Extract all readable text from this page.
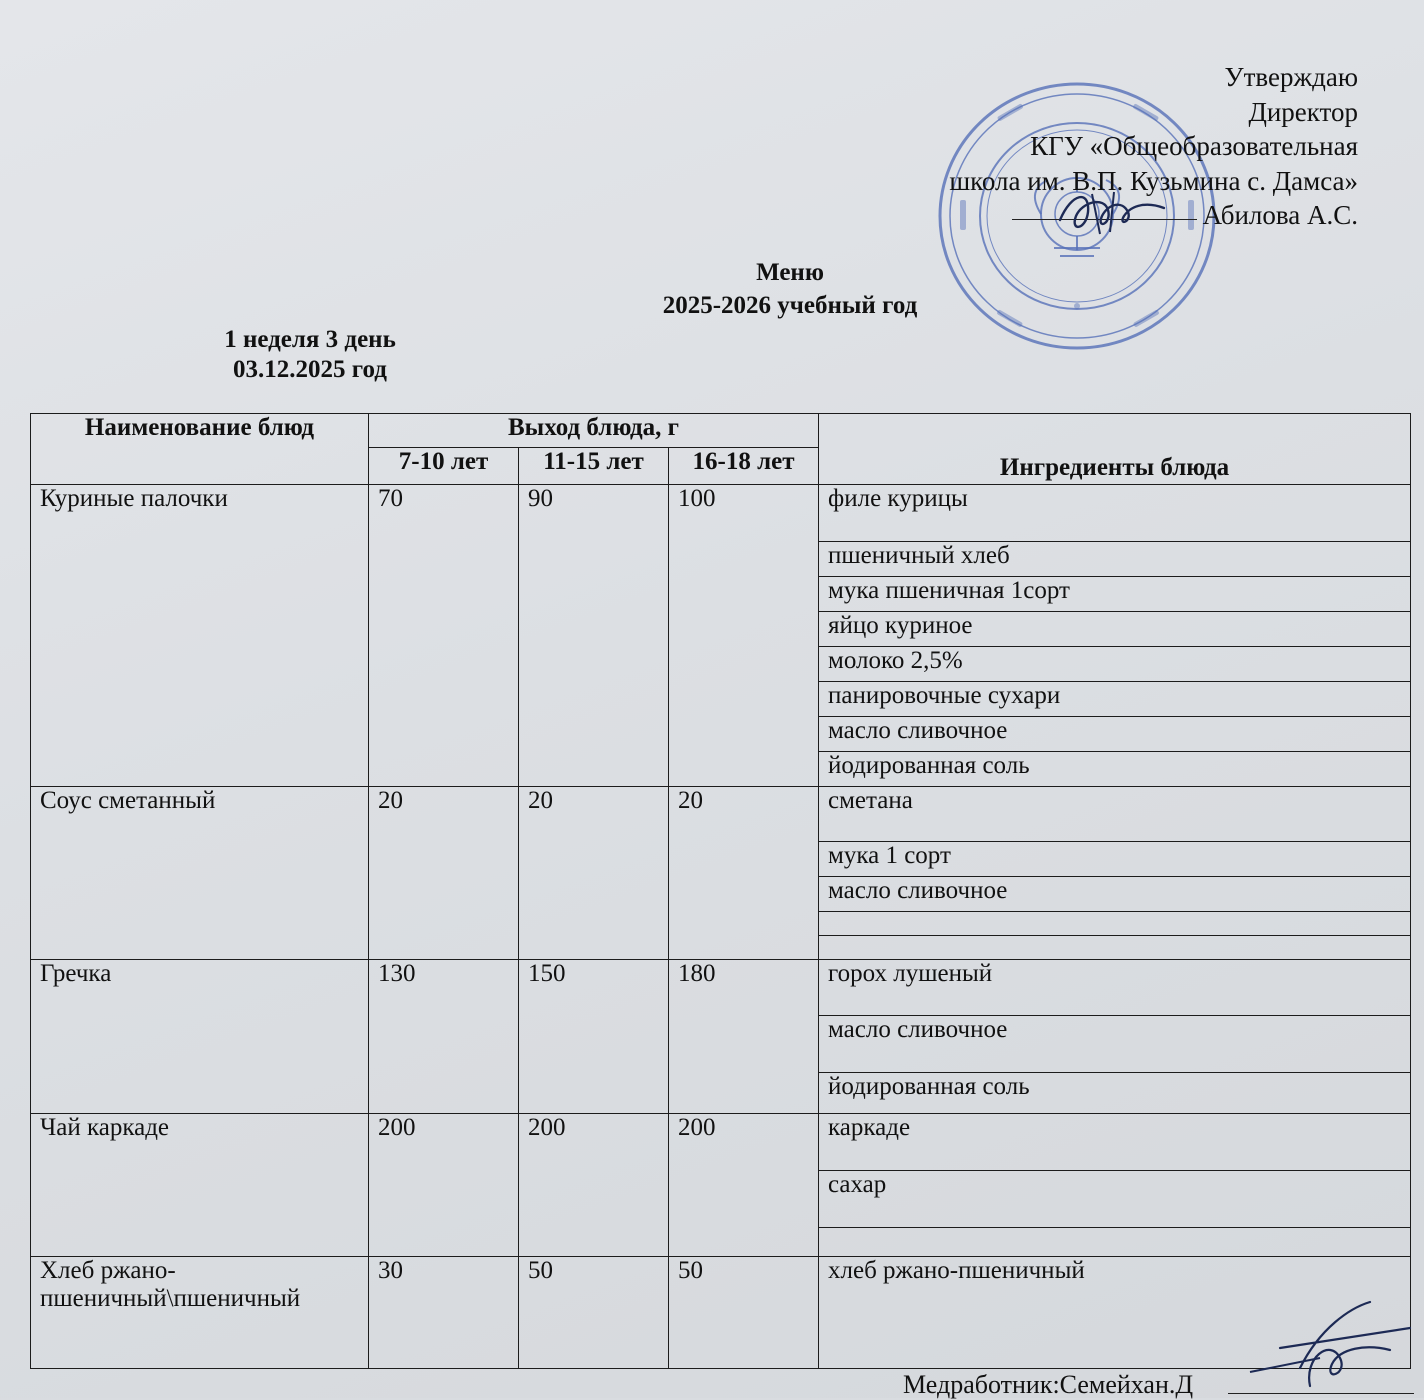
Утверждаю
Директор
КГУ «Общеобразовательная
школа им. В.П. Кузьмина с. Дамса»
Абилова А.С.
Меню
2025-2026 учебный год
1 неделя 3 день
03.12.2025 год
Наименование блюд	Выход блюда, г			Ингредиенты блюда
	7-10 лет	11-15 лет	16-18 лет	
Куриные палочки	70	90	100	филе курицы
				пшеничный хлеб
				мука пшеничная 1сорт
				яйцо куриное
				молоко 2,5%
				панировочные сухари
				масло сливочное
				йодированная соль
Соус сметанный	20	20	20	сметана
				мука 1 сорт
				масло сливочное

Гречка	130	150	180	горох лушеный
				масло сливочное
				йодированная соль
Чай каркаде	200	200	200	каркаде
				сахар

Хлеб ржано-пшеничный\пшеничный	30	50	50	хлеб ржано-пшеничный
Медработник:Семейхан.Д
